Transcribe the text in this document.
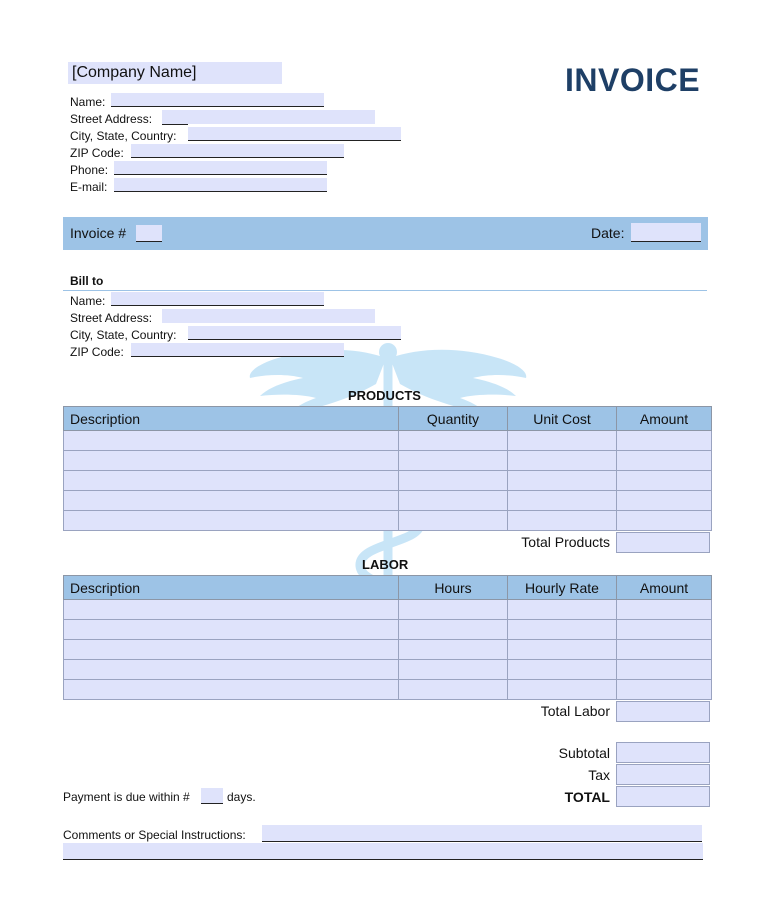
[Company Name]	INVOICE
Name:
Street Address:
City, State, Country:
ZIP Code:
Phone:
E-mail:
Invoice #	Date:
Bill to
Name:
Street Address:
City, State, Country:
ZIP Code:
PRODUCTS
Description	Quantity	Unit Cost	Amount

Total Products
LABOR
Description	Hours	Hourly Rate	Amount

Total Labor
Subtotal
Tax
TOTAL
Payment is due within #	days.
Comments or Special Instructions:
